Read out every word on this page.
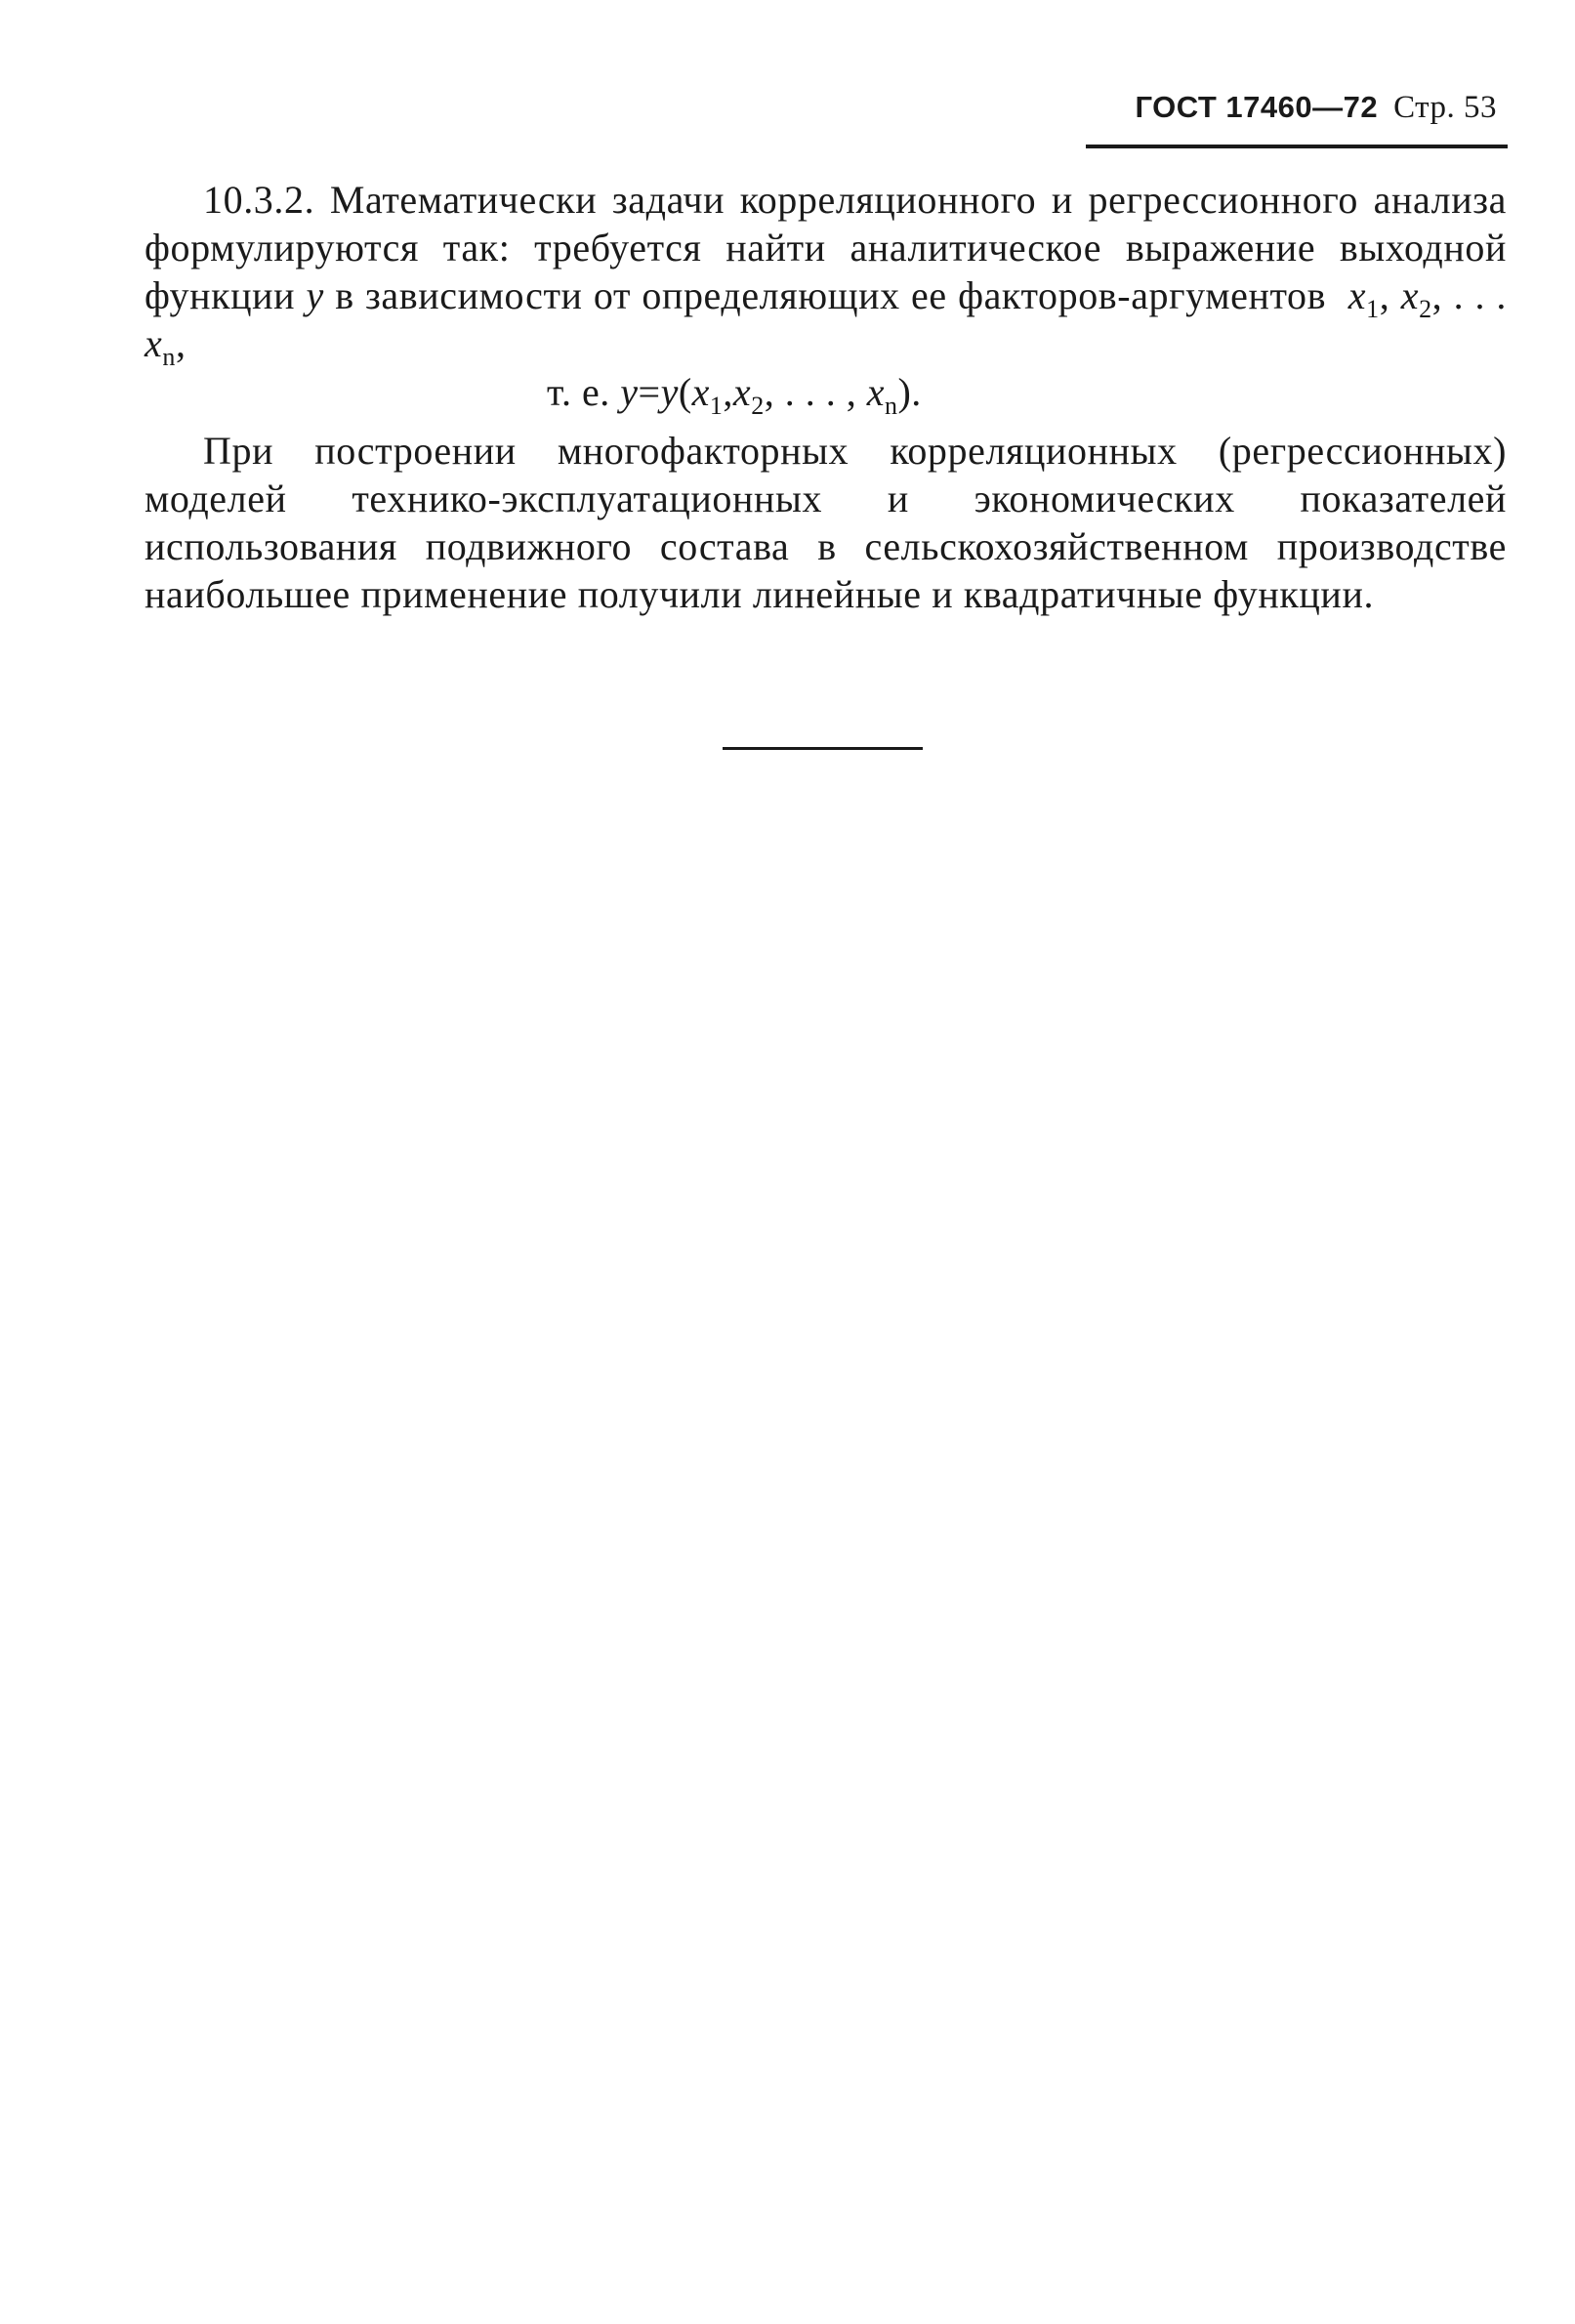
ГОСТ 17460—72 Стр. 53
10.3.2. Математически задачи корреляционного и регрессионного анализа формулируются так: требуется найти аналитическое выражение выходной функции y в зависимости от определяющих ее факторов-аргументов $x_1$, $x_2$, . . . $x_n$,
т. е. $y=y(x_1,x_2$, . . . , $x_n$).
При построении многофакторных корреляционных (регрессионных) моделей технико-эксплуатационных и экономических показателей использования подвижного состава в сельскохозяйственном производстве наибольшее применение получили линейные и квадратичные функции.
